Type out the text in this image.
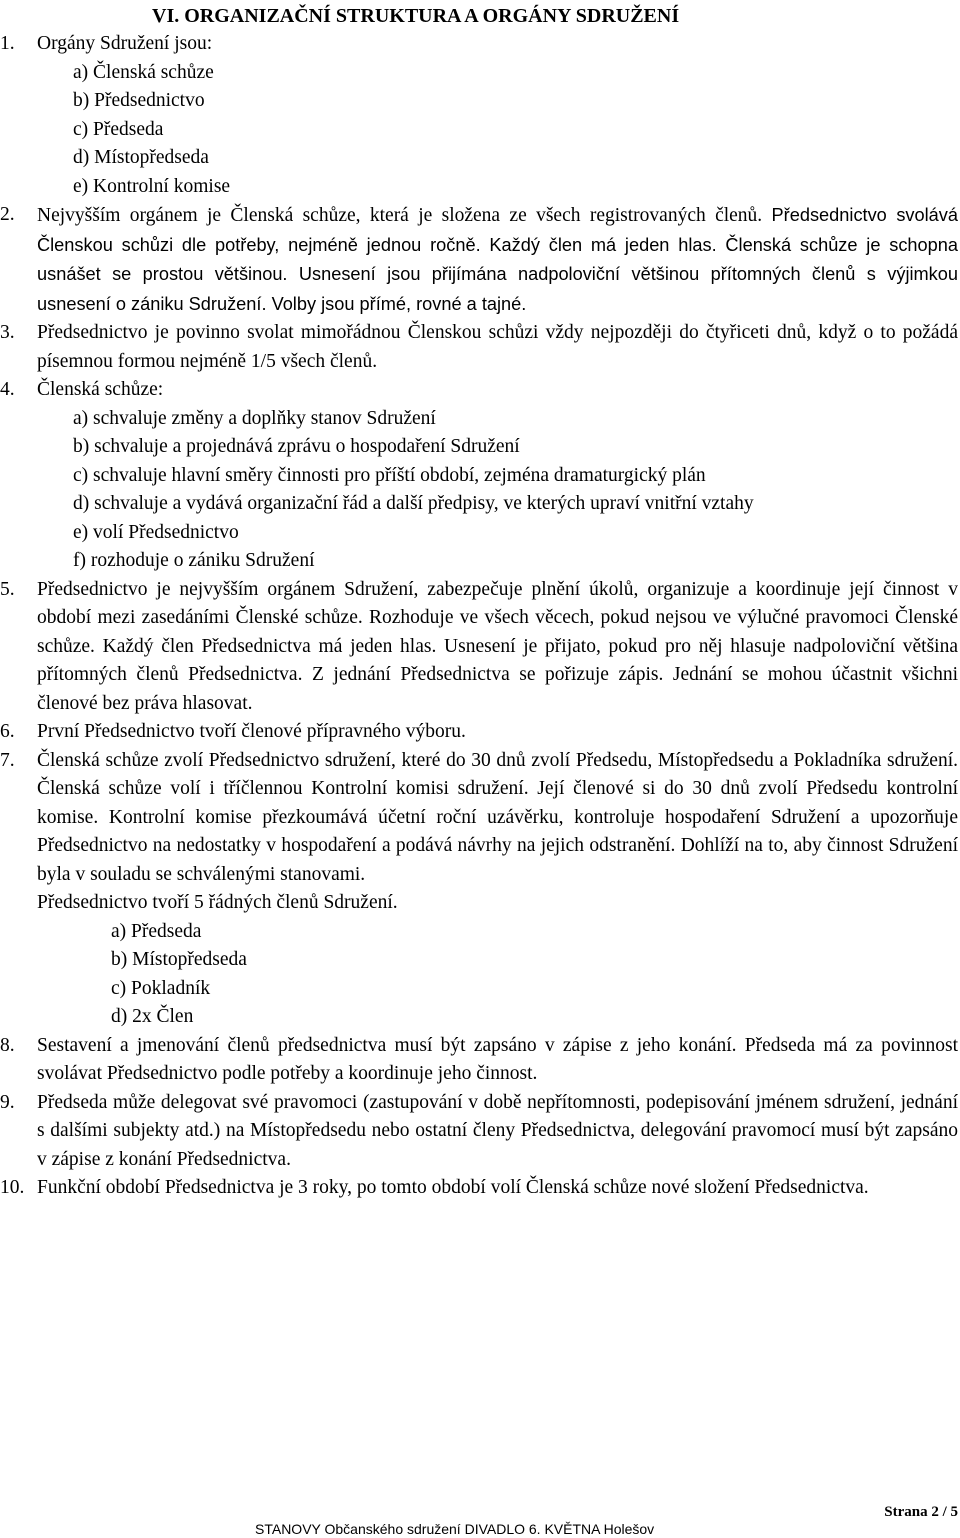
VI. ORGANIZAČNÍ STRUKTURA A ORGÁNY SDRUŽENÍ
1. Orgány Sdružení jsou:
a) Členská schůze
b) Předsednictvo
c) Předseda
d) Místopředseda
e) Kontrolní komise
2. Nejvyšším orgánem je Členská schůze, která je složena ze všech registrovaných členů. Předsednictvo svolává Členskou schůzi dle potřeby, nejméně jednou ročně. Každý člen má jeden hlas. Členská schůze je schopna usnášet se prostou většinou. Usnesení jsou přijímána nadpoloviční většinou přítomných členů s výjimkou usnesení o zániku Sdružení. Volby jsou přímé, rovné a tajné.
3. Předsednictvo je povinno svolat mimořádnou Členskou schůzi vždy nejpozději do čtyřiceti dnů, když o to požádá písemnou formou nejméně 1/5 všech členů.
4. Členská schůze:
a) schvaluje změny a doplňky stanov Sdružení
b) schvaluje a projednává zprávu o hospodaření Sdružení
c) schvaluje hlavní směry činnosti pro příští období, zejména dramaturgický plán
d) schvaluje a vydává organizační řád a další předpisy, ve kterých upraví vnitřní vztahy
e) volí Předsednictvo
f) rozhoduje o zániku Sdružení
5. Předsednictvo je nejvyšším orgánem Sdružení, zabezpečuje plnění úkolů, organizuje a koordinuje její činnost v období mezi zasedáními Členské schůze. Rozhoduje ve všech věcech, pokud nejsou ve výlučné pravomoci Členské schůze. Každý člen Předsednictva má jeden hlas. Usnesení je přijato, pokud pro něj hlasuje nadpoloviční většina přítomných členů Předsednictva. Z jednání Předsednictva se pořizuje zápis. Jednání se mohou účastnit všichni členové bez práva hlasovat.
6. První Předsednictvo tvoří členové přípravného výboru.
7. Členská schůze zvolí Předsednictvo sdružení, které do 30 dnů zvolí Předsedu, Místopředsedu a Pokladníka sdružení. Členská schůze volí i tříčlennou Kontrolní komisi sdružení. Její členové si do 30 dnů zvolí Předsedu kontrolní komise. Kontrolní komise přezkoumává účetní roční uzávěrku, kontroluje hospodaření Sdružení a upozorňuje Předsednictvo na nedostatky v hospodaření a podává návrhy na jejich odstranění. Dohlíží na to, aby činnost Sdružení byla v souladu se schválenými stanovami.
Předsednictvo tvoří 5 řádných členů Sdružení.
a) Předseda
b) Místopředseda
c) Pokladník
d) 2x Člen
8. Sestavení a jmenování členů předsednictva musí být zapsáno v zápise z jeho konání. Předseda má za povinnost svolávat Předsednictvo podle potřeby a koordinuje jeho činnost.
9. Předseda může delegovat své pravomoci (zastupování v době nepřítomnosti, podepisování jménem sdružení, jednání s dalšími subjekty atd.) na Místopředsedu nebo ostatní členy Předsednictva, delegování pravomocí musí být zapsáno v zápise z konání Předsednictva.
10. Funkční období Předsednictva je 3 roky, po tomto období volí Členská schůze nové složení Předsednictva.
Strana 2 / 5
STANOVY Občanského sdružení DIVADLO 6. KVĚTNA Holešov
